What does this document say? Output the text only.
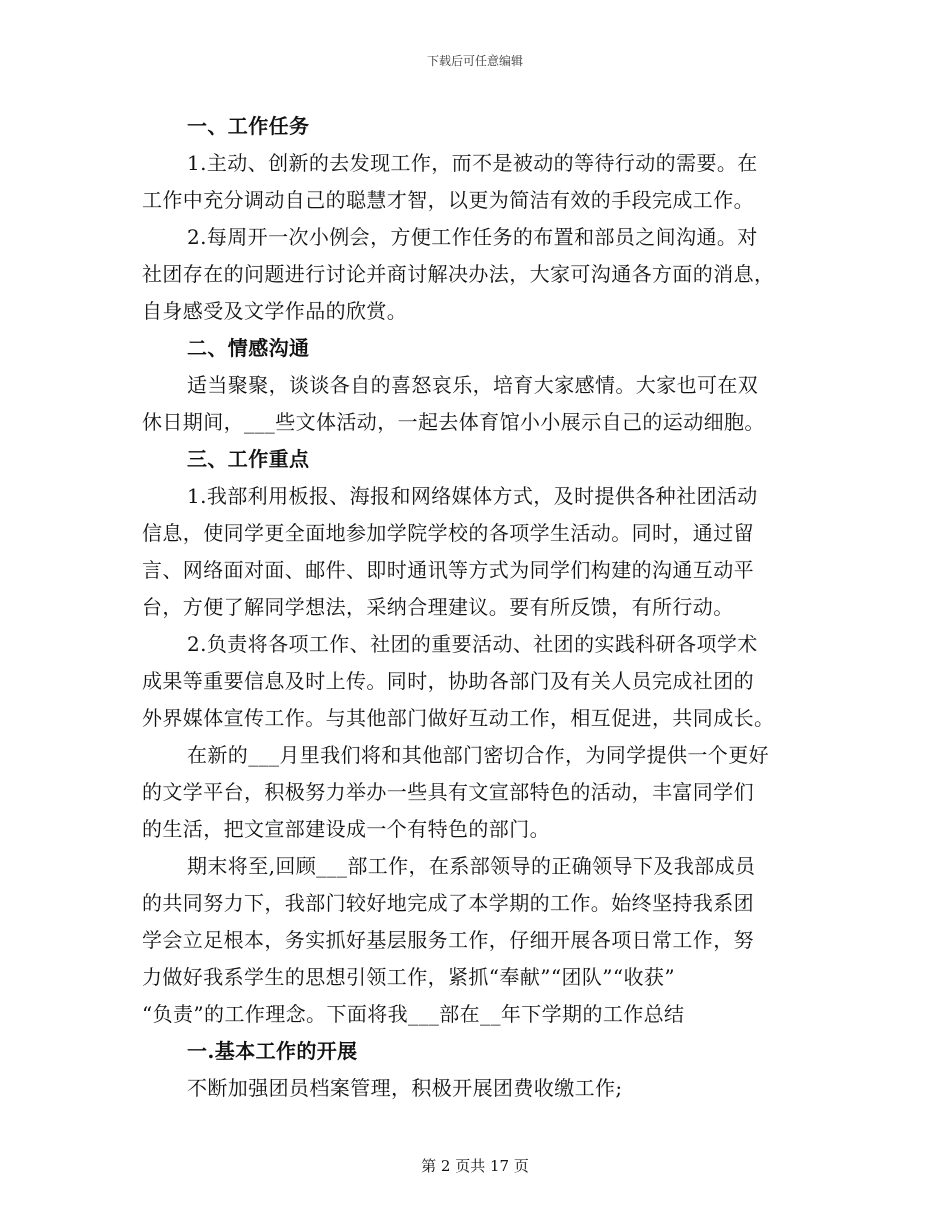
下载后可任意编辑
一、工作任务
1.主动、创新的去发现工作，而不是被动的等待行动的需要。在
工作中充分调动自己的聪慧才智，以更为简洁有效的手段完成工作。
2.每周开一次小例会，方便工作任务的布置和部员之间沟通。对
社团存在的问题进行讨论并商讨解决办法，大家可沟通各方面的消息，
自身感受及文学作品的欣赏。
二、情感沟通
适当聚聚，谈谈各自的喜怒哀乐，培育大家感情。大家也可在双
休日期间，___些文体活动，一起去体育馆小小展示自己的运动细胞。
三、工作重点
1.我部利用板报、海报和网络媒体方式，及时提供各种社团活动
信息，使同学更全面地参加学院学校的各项学生活动。同时，通过留
言、网络面对面、邮件、即时通讯等方式为同学们构建的沟通互动平
台，方便了解同学想法，采纳合理建议。要有所反馈，有所行动。
2.负责将各项工作、社团的重要活动、社团的实践科研各项学术
成果等重要信息及时上传。同时，协助各部门及有关人员完成社团的
外界媒体宣传工作。与其他部门做好互动工作，相互促进，共同成长。
在新的___月里我们将和其他部门密切合作，为同学提供一个更好
的文学平台，积极努力举办一些具有文宣部特色的活动，丰富同学们
的生活，把文宣部建设成一个有特色的部门。
期末将至,回顾___部工作，在系部领导的正确领导下及我部成员
的共同努力下，我部门较好地完成了本学期的工作。始终坚持我系团
学会立足根本，务实抓好基层服务工作，仔细开展各项日常工作，努
力做好我系学生的思想引领工作，紧抓“奉献”“团队”“收获”
“负责”的工作理念。下面将我___部在__年下学期的工作总结
一.基本工作的开展
不断加强团员档案管理，积极开展团费收缴工作;
第 2 页共 17 页
